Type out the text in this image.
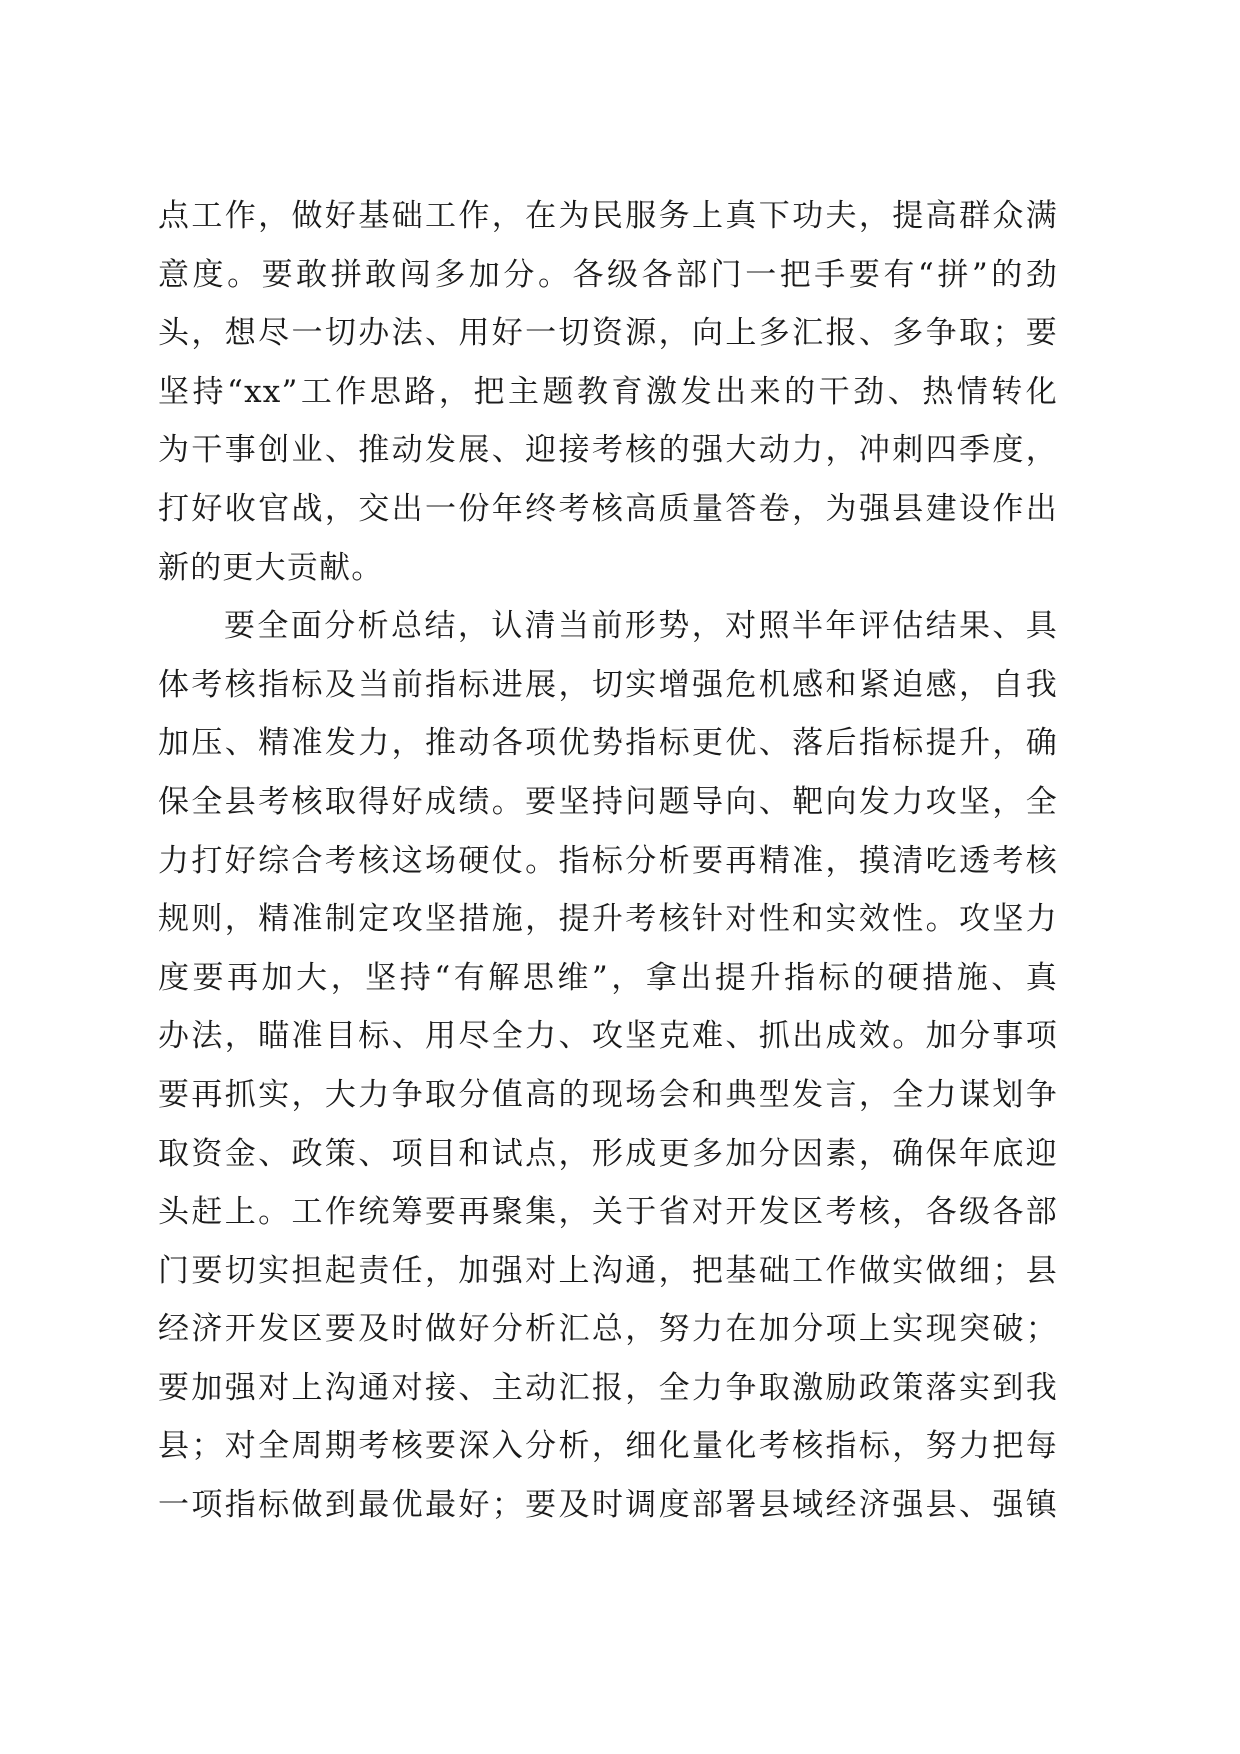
点工作，做好基础工作，在为民服务上真下功夫，提高群众满
意度。要敢拼敢闯多加分。各级各部门一把手要有“拼”的劲
头，想尽一切办法、用好一切资源，向上多汇报、多争取；要
坚持“xx”工作思路，把主题教育激发出来的干劲、热情转化
为干事创业、推动发展、迎接考核的强大动力，冲刺四季度，
打好收官战，交出一份年终考核高质量答卷，为强县建设作出
新的更大贡献。
要全面分析总结，认清当前形势，对照半年评估结果、具
体考核指标及当前指标进展，切实增强危机感和紧迫感，自我
加压、精准发力，推动各项优势指标更优、落后指标提升，确
保全县考核取得好成绩。要坚持问题导向、靶向发力攻坚，全
力打好综合考核这场硬仗。指标分析要再精准，摸清吃透考核
规则，精准制定攻坚措施，提升考核针对性和实效性。攻坚力
度要再加大，坚持“有解思维”，拿出提升指标的硬措施、真
办法，瞄准目标、用尽全力、攻坚克难、抓出成效。加分事项
要再抓实，大力争取分值高的现场会和典型发言，全力谋划争
取资金、政策、项目和试点，形成更多加分因素，确保年底迎
头赶上。工作统筹要再聚集，关于省对开发区考核，各级各部
门要切实担起责任，加强对上沟通，把基础工作做实做细；县
经济开发区要及时做好分析汇总，努力在加分项上实现突破；
要加强对上沟通对接、主动汇报，全力争取激励政策落实到我
县；对全周期考核要深入分析，细化量化考核指标，努力把每
一项指标做到最优最好；要及时调度部署县域经济强县、强镇
